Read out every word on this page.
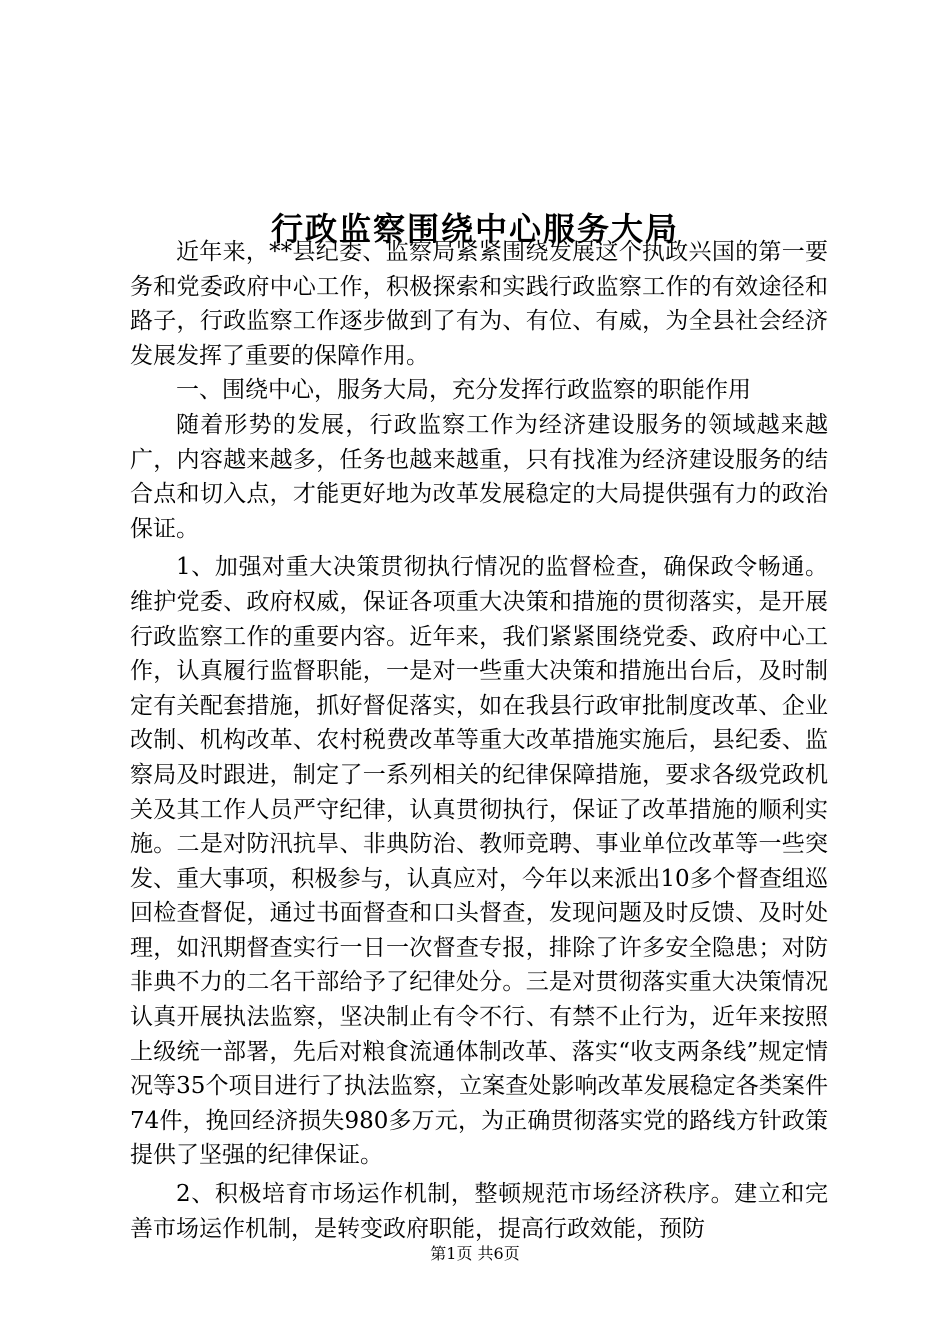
行政监察围绕中心服务大局

近年来，**县纪委、监察局紧紧围绕发展这个执政兴国的第一要务和党委政府中心工作，积极探索和实践行政监察工作的有效途径和路子，行政监察工作逐步做到了有为、有位、有威，为全县社会经济发展发挥了重要的保障作用。

一、围绕中心，服务大局，充分发挥行政监察的职能作用

随着形势的发展，行政监察工作为经济建设服务的领域越来越广，内容越来越多，任务也越来越重，只有找准为经济建设服务的结合点和切入点，才能更好地为改革发展稳定的大局提供强有力的政治保证。

1、加强对重大决策贯彻执行情况的监督检查，确保政令畅通。维护党委、政府权威，保证各项重大决策和措施的贯彻落实，是开展行政监察工作的重要内容。近年来，我们紧紧围绕党委、政府中心工作，认真履行监督职能，一是对一些重大决策和措施出台后，及时制定有关配套措施，抓好督促落实，如在我县行政审批制度改革、企业改制、机构改革、农村税费改革等重大改革措施实施后，县纪委、监察局及时跟进，制定了一系列相关的纪律保障措施，要求各级党政机关及其工作人员严守纪律，认真贯彻执行，保证了改革措施的顺利实施。二是对防汛抗旱、非典防治、教师竞聘、事业单位改革等一些突发、重大事项，积极参与，认真应对，今年以来派出10多个督查组巡回检查督促，通过书面督查和口头督查，发现问题及时反馈、及时处理，如汛期督查实行一日一次督查专报，排除了许多安全隐患；对防非典不力的二名干部给予了纪律处分。三是对贯彻落实重大决策情况认真开展执法监察，坚决制止有令不行、有禁不止行为，近年来按照上级统一部署，先后对粮食流通体制改革、落实“收支两条线”规定情况等35个项目进行了执法监察，立案查处影响改革发展稳定各类案件74件，挽回经济损失980多万元，为正确贯彻落实党的路线方针政策提供了坚强的纪律保证。

2、积极培育市场运作机制，整顿规范市场经济秩序。建立和完善市场运作机制，是转变政府职能，提高行政效能，预防

第1页 共6页
